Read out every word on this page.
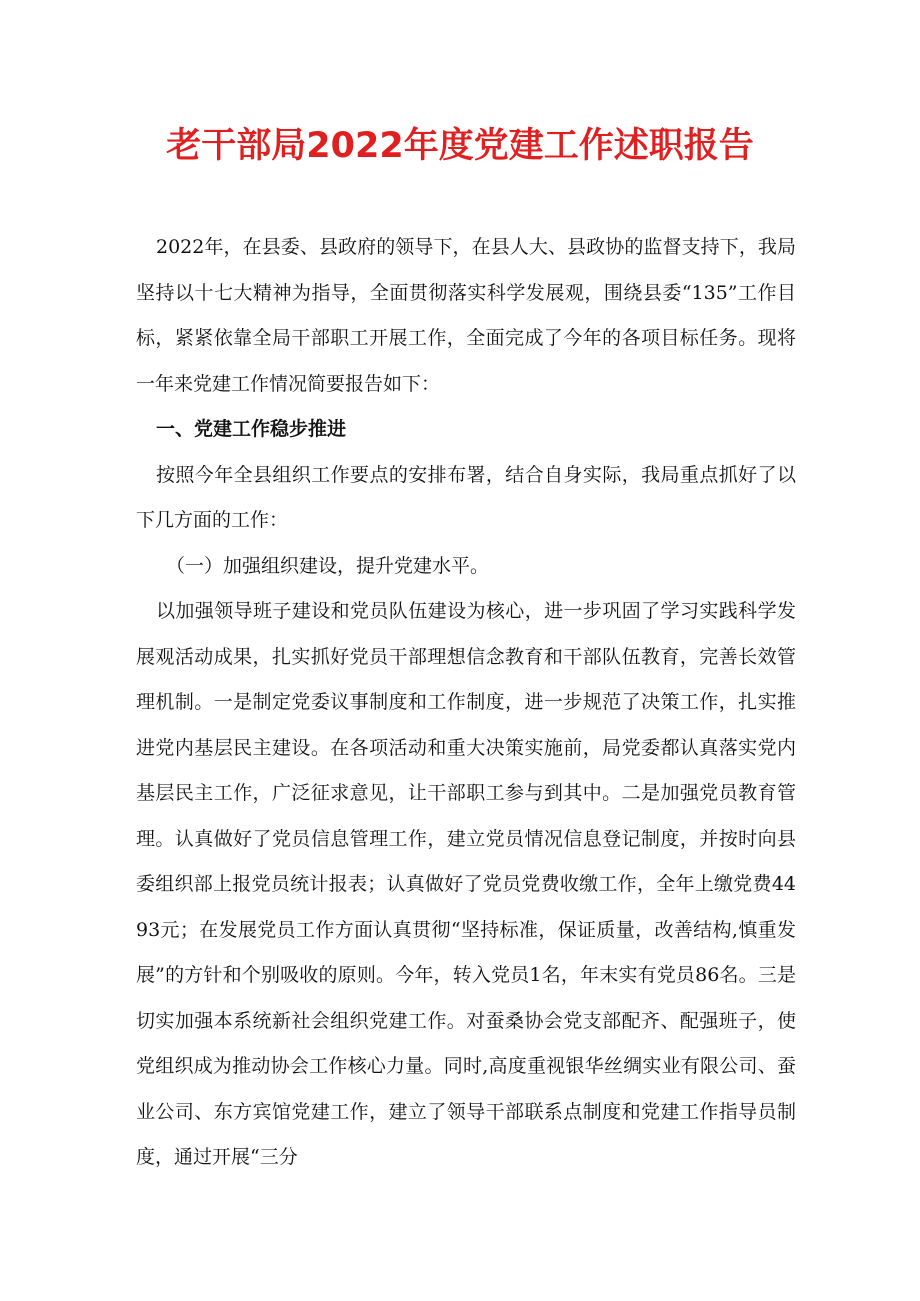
老干部局2022年度党建工作述职报告

2022年，在县委、县政府的领导下，在县人大、县政协的监督支持下，我局坚持以十七大精神为指导，全面贯彻落实科学发展观，围绕县委“135”工作目标，紧紧依靠全局干部职工开展工作，全面完成了今年的各项目标任务。现将一年来党建工作情况简要报告如下：

一、党建工作稳步推进

按照今年全县组织工作要点的安排布署，结合自身实际，我局重点抓好了以下几方面的工作：

（一）加强组织建设，提升党建水平。

以加强领导班子建设和党员队伍建设为核心，进一步巩固了学习实践科学发展观活动成果，扎实抓好党员干部理想信念教育和干部队伍教育，完善长效管理机制。一是制定党委议事制度和工作制度，进一步规范了决策工作，扎实推进党内基层民主建设。在各项活动和重大决策实施前，局党委都认真落实党内基层民主工作，广泛征求意见，让干部职工参与到其中。二是加强党员教育管理。认真做好了党员信息管理工作，建立党员情况信息登记制度，并按时向县委组织部上报党员统计报表；认真做好了党员党费收缴工作，全年上缴党费4493元；在发展党员工作方面认真贯彻“坚持标准，保证质量，改善结构,慎重发展”的方针和个别吸收的原则。今年，转入党员1名，年末实有党员86名。三是切实加强本系统新社会组织党建工作。对蚕桑协会党支部配齐、配强班子，使党组织成为推动协会工作核心力量。同时,高度重视银华丝绸实业有限公司、蚕业公司、东方宾馆党建工作，建立了领导干部联系点制度和党建工作指导员制度，通过开展“三分
